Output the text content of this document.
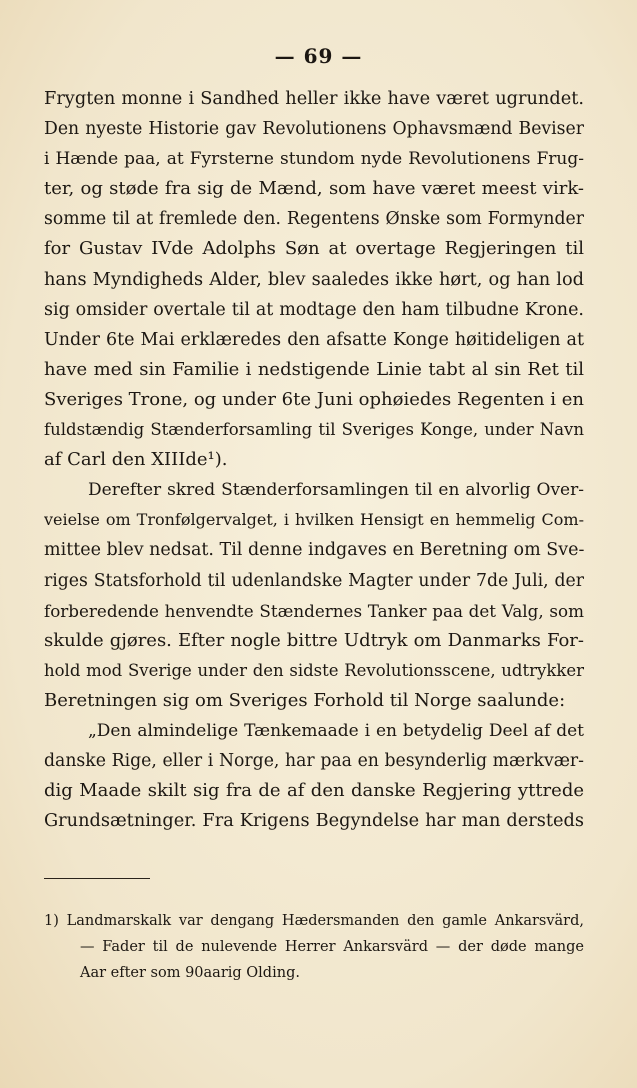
— 69 —
Frygten monne i Sandhed heller ikke have været ugrundet.
Den nyeste Historie gav Revolutionens Ophavsmænd Beviser
i Hænde paa, at Fyrsterne stundom nyde Revolutionens Frug-
ter, og støde fra sig de Mænd, som have været meest virk-
somme til at fremlede den. Regentens Ønske som Formynder
for Gustav IVde Adolphs Søn at overtage Regjeringen til
hans Myndigheds Alder, blev saaledes ikke hørt, og han lod
sig omsider overtale til at modtage den ham tilbudne Krone.
Under 6te Mai erklæredes den afsatte Konge høitideligen at
have med sin Familie i nedstigende Linie tabt al sin Ret til
Sveriges Trone, og under 6te Juni ophøiedes Regenten i en
fuldstændig Stænderforsamling til Sveriges Konge, under Navn
af Carl den XIIIde¹).
Derefter skred Stænderforsamlingen til en alvorlig Over-
veielse om Tronfølgervalget, i hvilken Hensigt en hemmelig Com-
mittee blev nedsat. Til denne indgaves en Beretning om Sve-
riges Statsforhold til udenlandske Magter under 7de Juli, der
forberedende henvendte Stændernes Tanker paa det Valg, som
skulde gjøres. Efter nogle bittre Udtryk om Danmarks For-
hold mod Sverige under den sidste Revolutionsscene, udtrykker
Beretningen sig om Sveriges Forhold til Norge saalunde:
„Den almindelige Tænkemaade i en betydelig Deel af det
danske Rige, eller i Norge, har paa en besynderlig mærkvær-
dig Maade skilt sig fra de af den danske Regjering yttrede
Grundsætninger. Fra Krigens Begyndelse har man dersteds
1) Landmarskalk var dengang Hædersmanden den gamle Ankarsvärd,
— Fader til de nulevende Herrer Ankarsvärd — der døde mange
Aar efter som 90aarig Olding.
